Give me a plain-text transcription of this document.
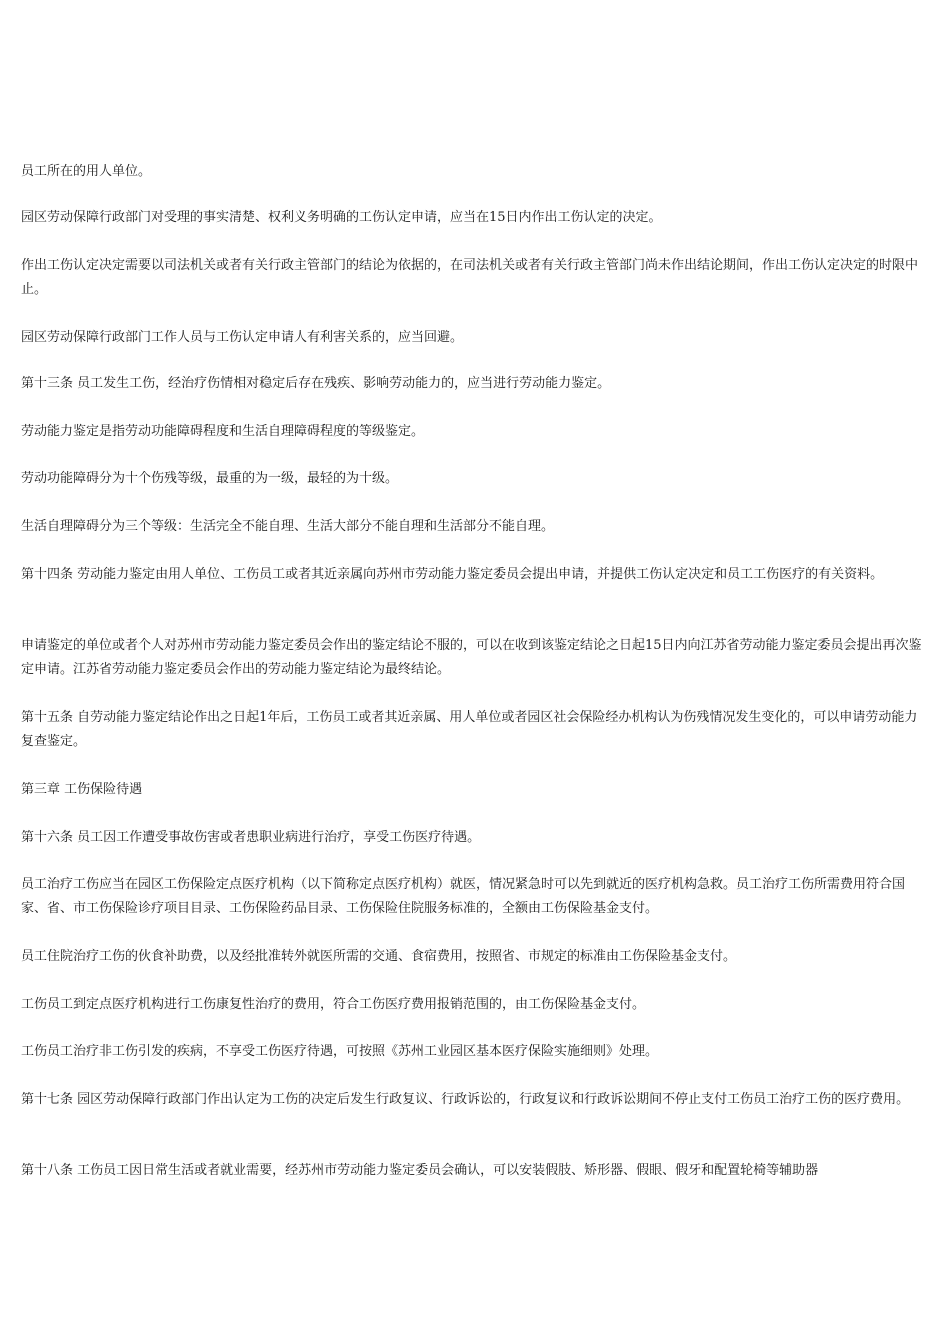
员工所在的用人单位。

园区劳动保障行政部门对受理的事实清楚、权利义务明确的工伤认定申请，应当在15日内作出工伤认定的决定。

作出工伤认定决定需要以司法机关或者有关行政主管部门的结论为依据的，在司法机关或者有关行政主管部门尚未作出结论期间，作出工伤认定决定的时限中止。

园区劳动保障行政部门工作人员与工伤认定申请人有利害关系的，应当回避。

第十三条 员工发生工伤，经治疗伤情相对稳定后存在残疾、影响劳动能力的，应当进行劳动能力鉴定。

劳动能力鉴定是指劳动功能障碍程度和生活自理障碍程度的等级鉴定。

劳动功能障碍分为十个伤残等级，最重的为一级，最轻的为十级。

生活自理障碍分为三个等级：生活完全不能自理、生活大部分不能自理和生活部分不能自理。

第十四条 劳动能力鉴定由用人单位、工伤员工或者其近亲属向苏州市劳动能力鉴定委员会提出申请，并提供工伤认定决定和员工工伤医疗的有关资料。

申请鉴定的单位或者个人对苏州市劳动能力鉴定委员会作出的鉴定结论不服的，可以在收到该鉴定结论之日起15日内向江苏省劳动能力鉴定委员会提出再次鉴定申请。江苏省劳动能力鉴定委员会作出的劳动能力鉴定结论为最终结论。

第十五条 自劳动能力鉴定结论作出之日起1年后，工伤员工或者其近亲属、用人单位或者园区社会保险经办机构认为伤残情况发生变化的，可以申请劳动能力复查鉴定。

第三章 工伤保险待遇

第十六条 员工因工作遭受事故伤害或者患职业病进行治疗，享受工伤医疗待遇。

员工治疗工伤应当在园区工伤保险定点医疗机构（以下简称定点医疗机构）就医，情况紧急时可以先到就近的医疗机构急救。员工治疗工伤所需费用符合国家、省、市工伤保险诊疗项目目录、工伤保险药品目录、工伤保险住院服务标准的，全额由工伤保险基金支付。

员工住院治疗工伤的伙食补助费，以及经批准转外就医所需的交通、食宿费用，按照省、市规定的标准由工伤保险基金支付。

工伤员工到定点医疗机构进行工伤康复性治疗的费用，符合工伤医疗费用报销范围的，由工伤保险基金支付。

工伤员工治疗非工伤引发的疾病，不享受工伤医疗待遇，可按照《苏州工业园区基本医疗保险实施细则》处理。

第十七条 园区劳动保障行政部门作出认定为工伤的决定后发生行政复议、行政诉讼的，行政复议和行政诉讼期间不停止支付工伤员工治疗工伤的医疗费用。

第十八条 工伤员工因日常生活或者就业需要，经苏州市劳动能力鉴定委员会确认，可以安装假肢、矫形器、假眼、假牙和配置轮椅等辅助器
